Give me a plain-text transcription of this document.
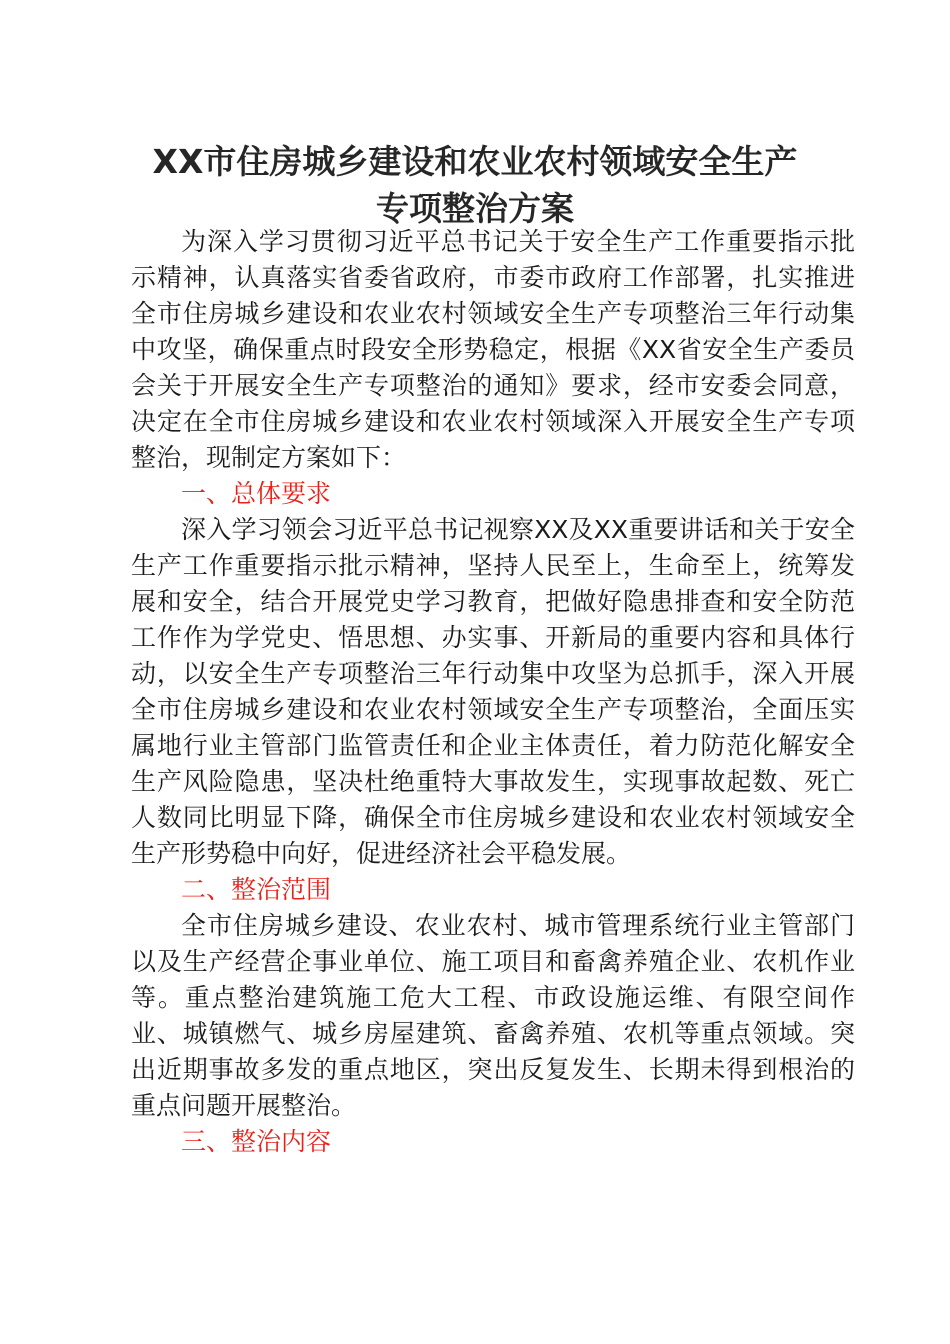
XX市住房城乡建设和农业农村领域安全生产
专项整治方案

为深入学习贯彻习近平总书记关于安全生产工作重要指示批示精神，认真落实省委省政府，市委市政府工作部署，扎实推进全市住房城乡建设和农业农村领域安全生产专项整治三年行动集中攻坚，确保重点时段安全形势稳定，根据《XX省安全生产委员会关于开展安全生产专项整治的通知》要求，经市安委会同意，决定在全市住房城乡建设和农业农村领域深入开展安全生产专项整治，现制定方案如下：

一、总体要求

深入学习领会习近平总书记视察XX及XX重要讲话和关于安全生产工作重要指示批示精神，坚持人民至上，生命至上，统筹发展和安全，结合开展党史学习教育，把做好隐患排查和安全防范工作作为学党史、悟思想、办实事、开新局的重要内容和具体行动，以安全生产专项整治三年行动集中攻坚为总抓手，深入开展全市住房城乡建设和农业农村领域安全生产专项整治，全面压实属地行业主管部门监管责任和企业主体责任，着力防范化解安全生产风险隐患，坚决杜绝重特大事故发生，实现事故起数、死亡人数同比明显下降，确保全市住房城乡建设和农业农村领域安全生产形势稳中向好，促进经济社会平稳发展。

二、整治范围

全市住房城乡建设、农业农村、城市管理系统行业主管部门以及生产经营企事业单位、施工项目和畜禽养殖企业、农机作业等。重点整治建筑施工危大工程、市政设施运维、有限空间作业、城镇燃气、城乡房屋建筑、畜禽养殖、农机等重点领域。突出近期事故多发的重点地区，突出反复发生、长期未得到根治的重点问题开展整治。

三、整治内容
